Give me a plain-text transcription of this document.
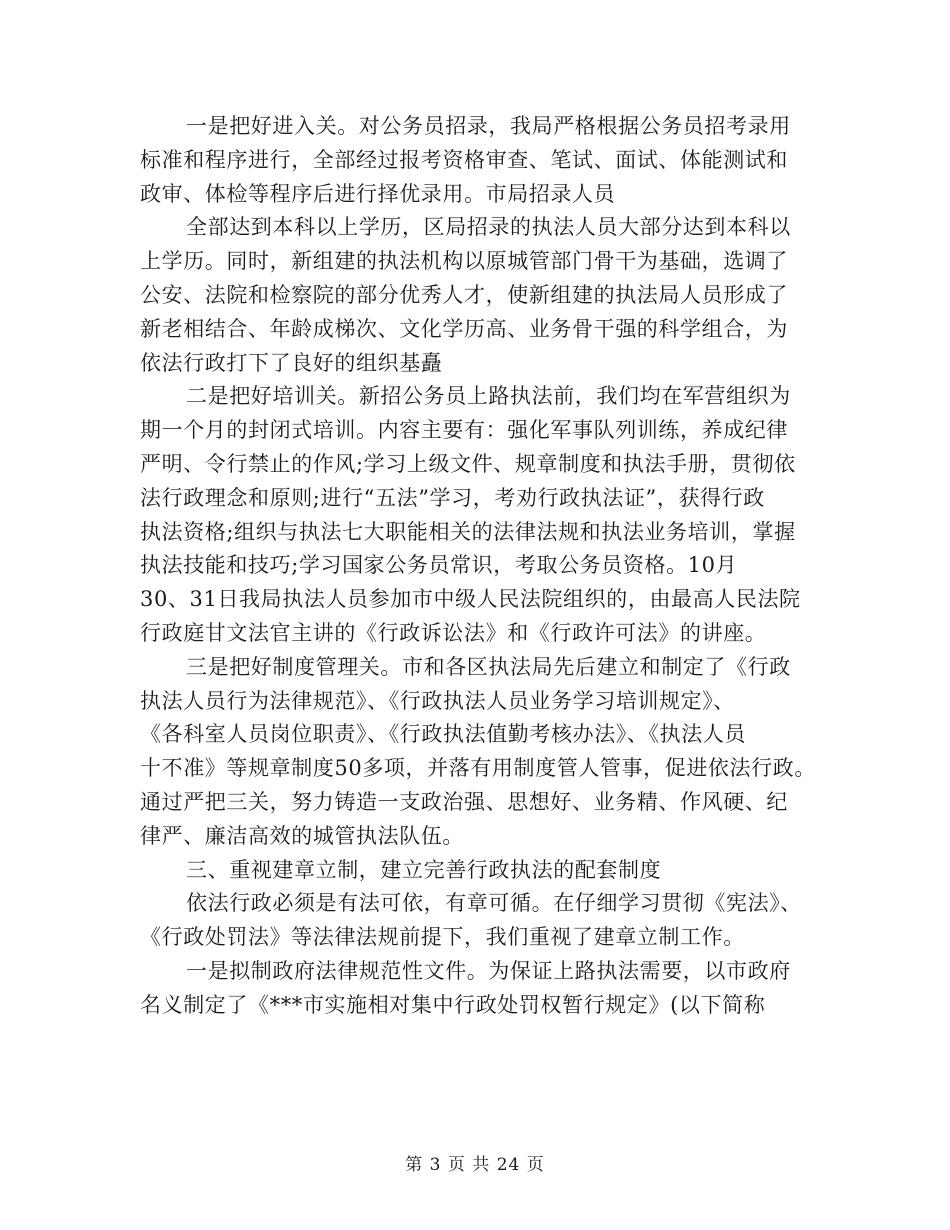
一是把好进入关。对公务员招录，我局严格根据公务员招考录用
标准和程序进行，全部经过报考资格审查、笔试、面试、体能测试和
政审、体检等程序后进行择优录用。市局招录人员
全部达到本科以上学历，区局招录的执法人员大部分达到本科以
上学历。同时，新组建的执法机构以原城管部门骨干为基础，选调了
公安、法院和检察院的部分优秀人才，使新组建的执法局人员形成了
新老相结合、年龄成梯次、文化学历高、业务骨干强的科学组合，为
依法行政打下了良好的组织基矗
二是把好培训关。新招公务员上路执法前，我们均在军营组织为
期一个月的封闭式培训。内容主要有：强化军事队列训练，养成纪律
严明、令行禁止的作风;学习上级文件、规章制度和执法手册，贯彻依
法行政理念和原则;进行“五法”学习，考劝行政执法证”，获得行政
执法资格;组织与执法七大职能相关的法律法规和执法业务培训，掌握
执法技能和技巧;学习国家公务员常识，考取公务员资格。10月
30、31日我局执法人员参加市中级人民法院组织的，由最高人民法院
行政庭甘文法官主讲的《行政诉讼法》和《行政许可法》的讲座。
三是把好制度管理关。市和各区执法局先后建立和制定了《行政
执法人员行为法律规范》、《行政执法人员业务学习培训规定》、
《各科室人员岗位职责》、《行政执法值勤考核办法》、《执法人员
十不准》等规章制度50多项，并落有用制度管人管事，促进依法行政。
通过严把三关，努力铸造一支政治强、思想好、业务精、作风硬、纪
律严、廉洁高效的城管执法队伍。
三、重视建章立制，建立完善行政执法的配套制度
依法行政必须是有法可依，有章可循。在仔细学习贯彻《宪法》、
《行政处罚法》等法律法规前提下，我们重视了建章立制工作。
一是拟制政府法律规范性文件。为保证上路执法需要，以市政府
名义制定了《***市实施相对集中行政处罚权暂行规定》(以下简称
第 3 页 共 24 页
